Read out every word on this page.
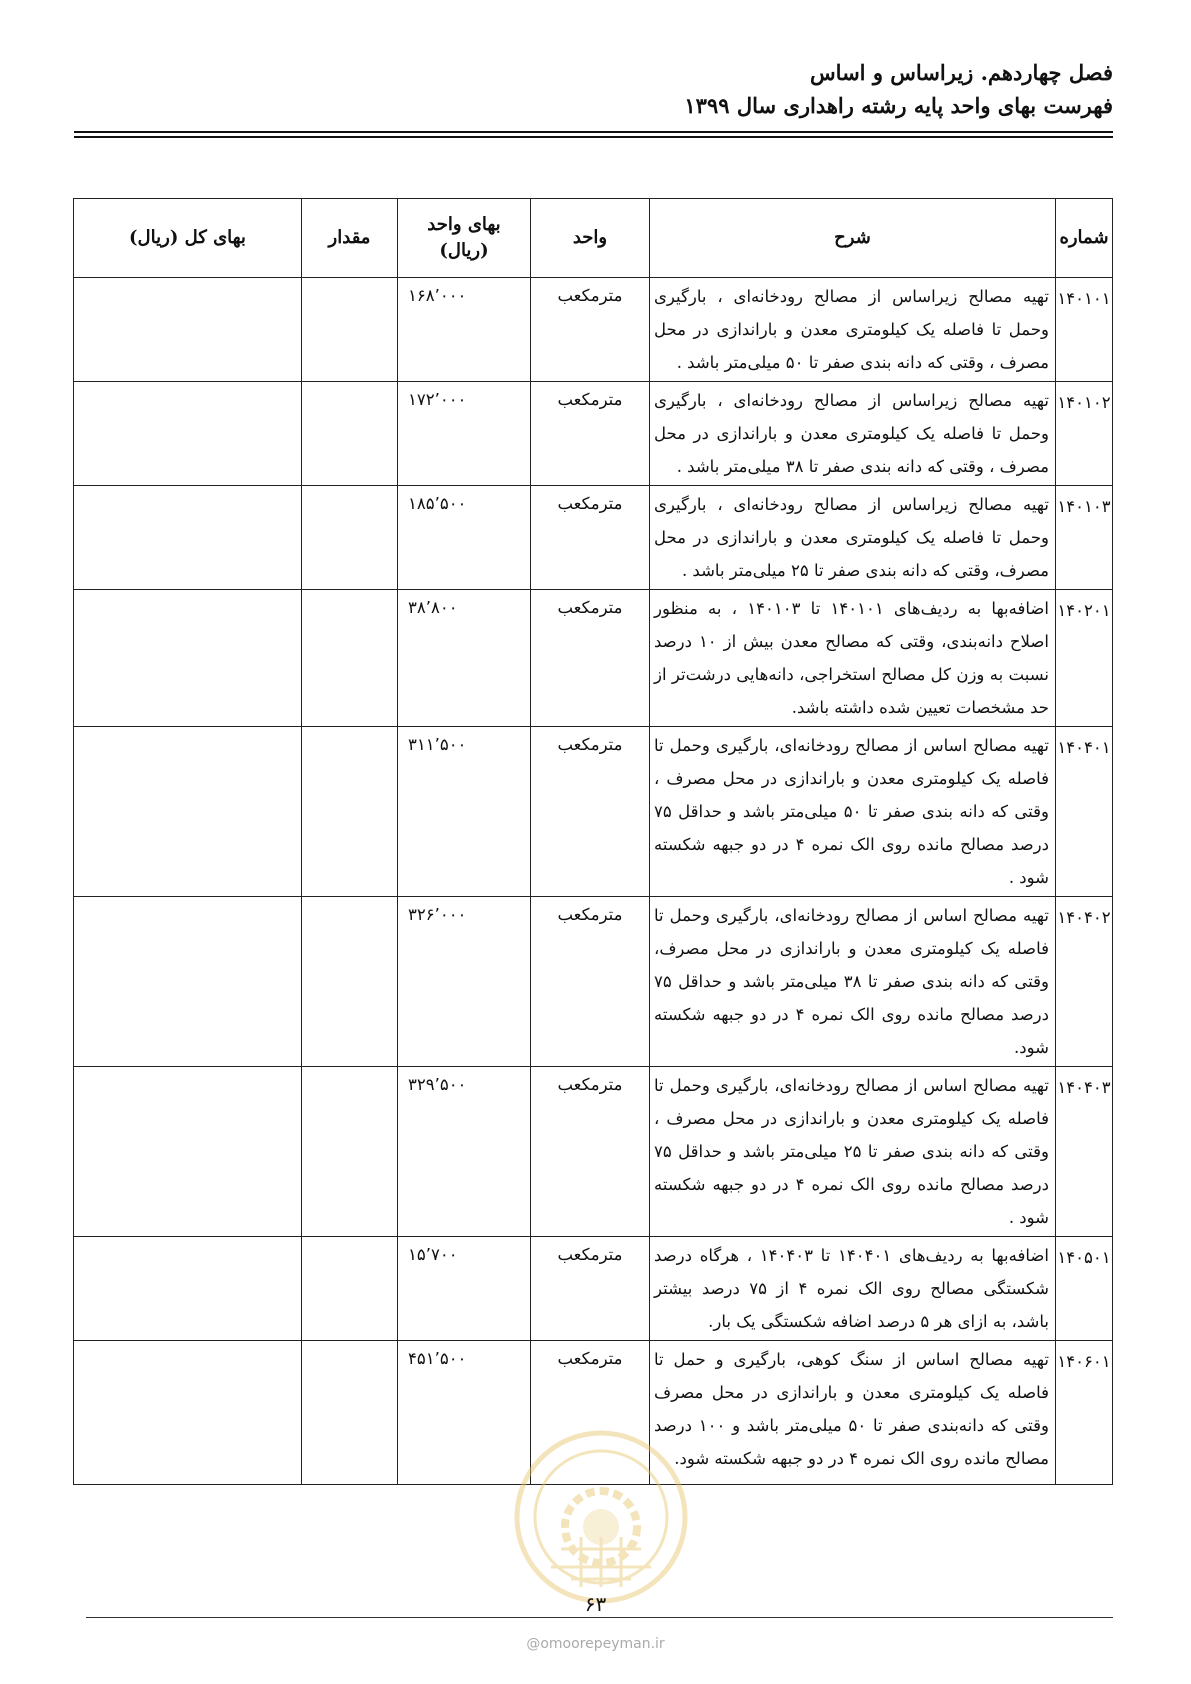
فصل چهاردهم. زیراساس و اساس
فهرست بهای واحد پایه رشته راهداری سال ۱۳۹۹
شماره	شرح	واحد	بهای واحد (ریال)	مقدار	بهای کل (ریال)
۱۴۰۱۰۱	تهیه مصالح زیراساس از مصالح رودخانه‌ای ، بارگیری وحمل تا فاصله یک کیلومتری معدن و باراندازی در محل مصرف ، وقتی که دانه بندی صفر تا ۵۰ میلی‌متر باشد .	مترمکعب	۱۶۸٬۰۰۰		
۱۴۰۱۰۲	تهیه مصالح زیراساس از مصالح رودخانه‌ای ، بارگیری وحمل تا فاصله یک کیلومتری معدن و باراندازی در محل مصرف ، وقتی که دانه بندی صفر تا ۳۸ میلی‌متر باشد .	مترمکعب	۱۷۲٬۰۰۰		
۱۴۰۱۰۳	تهیه مصالح زیراساس از مصالح رودخانه‌ای ، بارگیری وحمل تا فاصله یک کیلومتری معدن و باراندازی در محل مصرف، وقتی که دانه بندی صفر تا ۲۵ میلی‌متر باشد .	مترمکعب	۱۸۵٬۵۰۰		
۱۴۰۲۰۱	اضافه‌بها به ردیف‌های ۱۴۰۱۰۱ تا ۱۴۰۱۰۳ ، به منظور اصلاح دانه‌بندی، وقتی که مصالح معدن بیش از ۱۰ درصد نسبت به وزن کل مصالح استخراجی، دانه‌هایی درشت‌تر از حد مشخصات تعیین شده داشته باشد.	مترمکعب	۳۸٬۸۰۰		
۱۴۰۴۰۱	تهیه مصالح اساس از مصالح رودخانه‌ای، بارگیری وحمل تا فاصله یک کیلومتری معدن و باراندازی در محل مصرف ، وقتی که دانه بندی صفر تا ۵۰ میلی‌متر باشد و حداقل ۷۵ درصد مصالح مانده روی الک نمره ۴ در دو جبهه شکسته شود .	مترمکعب	۳۱۱٬۵۰۰		
۱۴۰۴۰۲	تهیه مصالح اساس از مصالح رودخانه‌ای، بارگیری وحمل تا فاصله یک کیلومتری معدن و باراندازی در محل مصرف، وقتی که دانه بندی صفر تا ۳۸ میلی‌متر باشد و حداقل ۷۵ درصد مصالح مانده روی الک نمره ۴ در دو جبهه شکسته شود.	مترمکعب	۳۲۶٬۰۰۰		
۱۴۰۴۰۳	تهیه مصالح اساس از مصالح رودخانه‌ای، بارگیری وحمل تا فاصله یک کیلومتری معدن و باراندازی در محل مصرف ، وقتی که دانه بندی صفر تا ۲۵ میلی‌متر باشد و حداقل ۷۵ درصد مصالح مانده روی الک نمره ۴ در دو جبهه شکسته شود .	مترمکعب	۳۲۹٬۵۰۰		
۱۴۰۵۰۱	اضافه‌بها به ردیف‌های ۱۴۰۴۰۱ تا ۱۴۰۴۰۳ ، هرگاه درصد شکستگی مصالح روی الک نمره ۴ از ۷۵ درصد بیشتر باشد، به ازای هر ۵ درصد اضافه شکستگی یک بار.	مترمکعب	۱۵٬۷۰۰		
۱۴۰۶۰۱	تهیه مصالح اساس از سنگ کوهی، بارگیری و حمل تا فاصله یک کیلومتری معدن و باراندازی در محل مصرف وقتی که دانه‌بندی صفر تا ۵۰ میلی‌متر باشد و ۱۰۰ درصد مصالح مانده روی الک نمره ۴ در دو جبهه شکسته شود.	مترمکعب	۴۵۱٬۵۰۰		
۶۳
@omoorepeyman.ir
